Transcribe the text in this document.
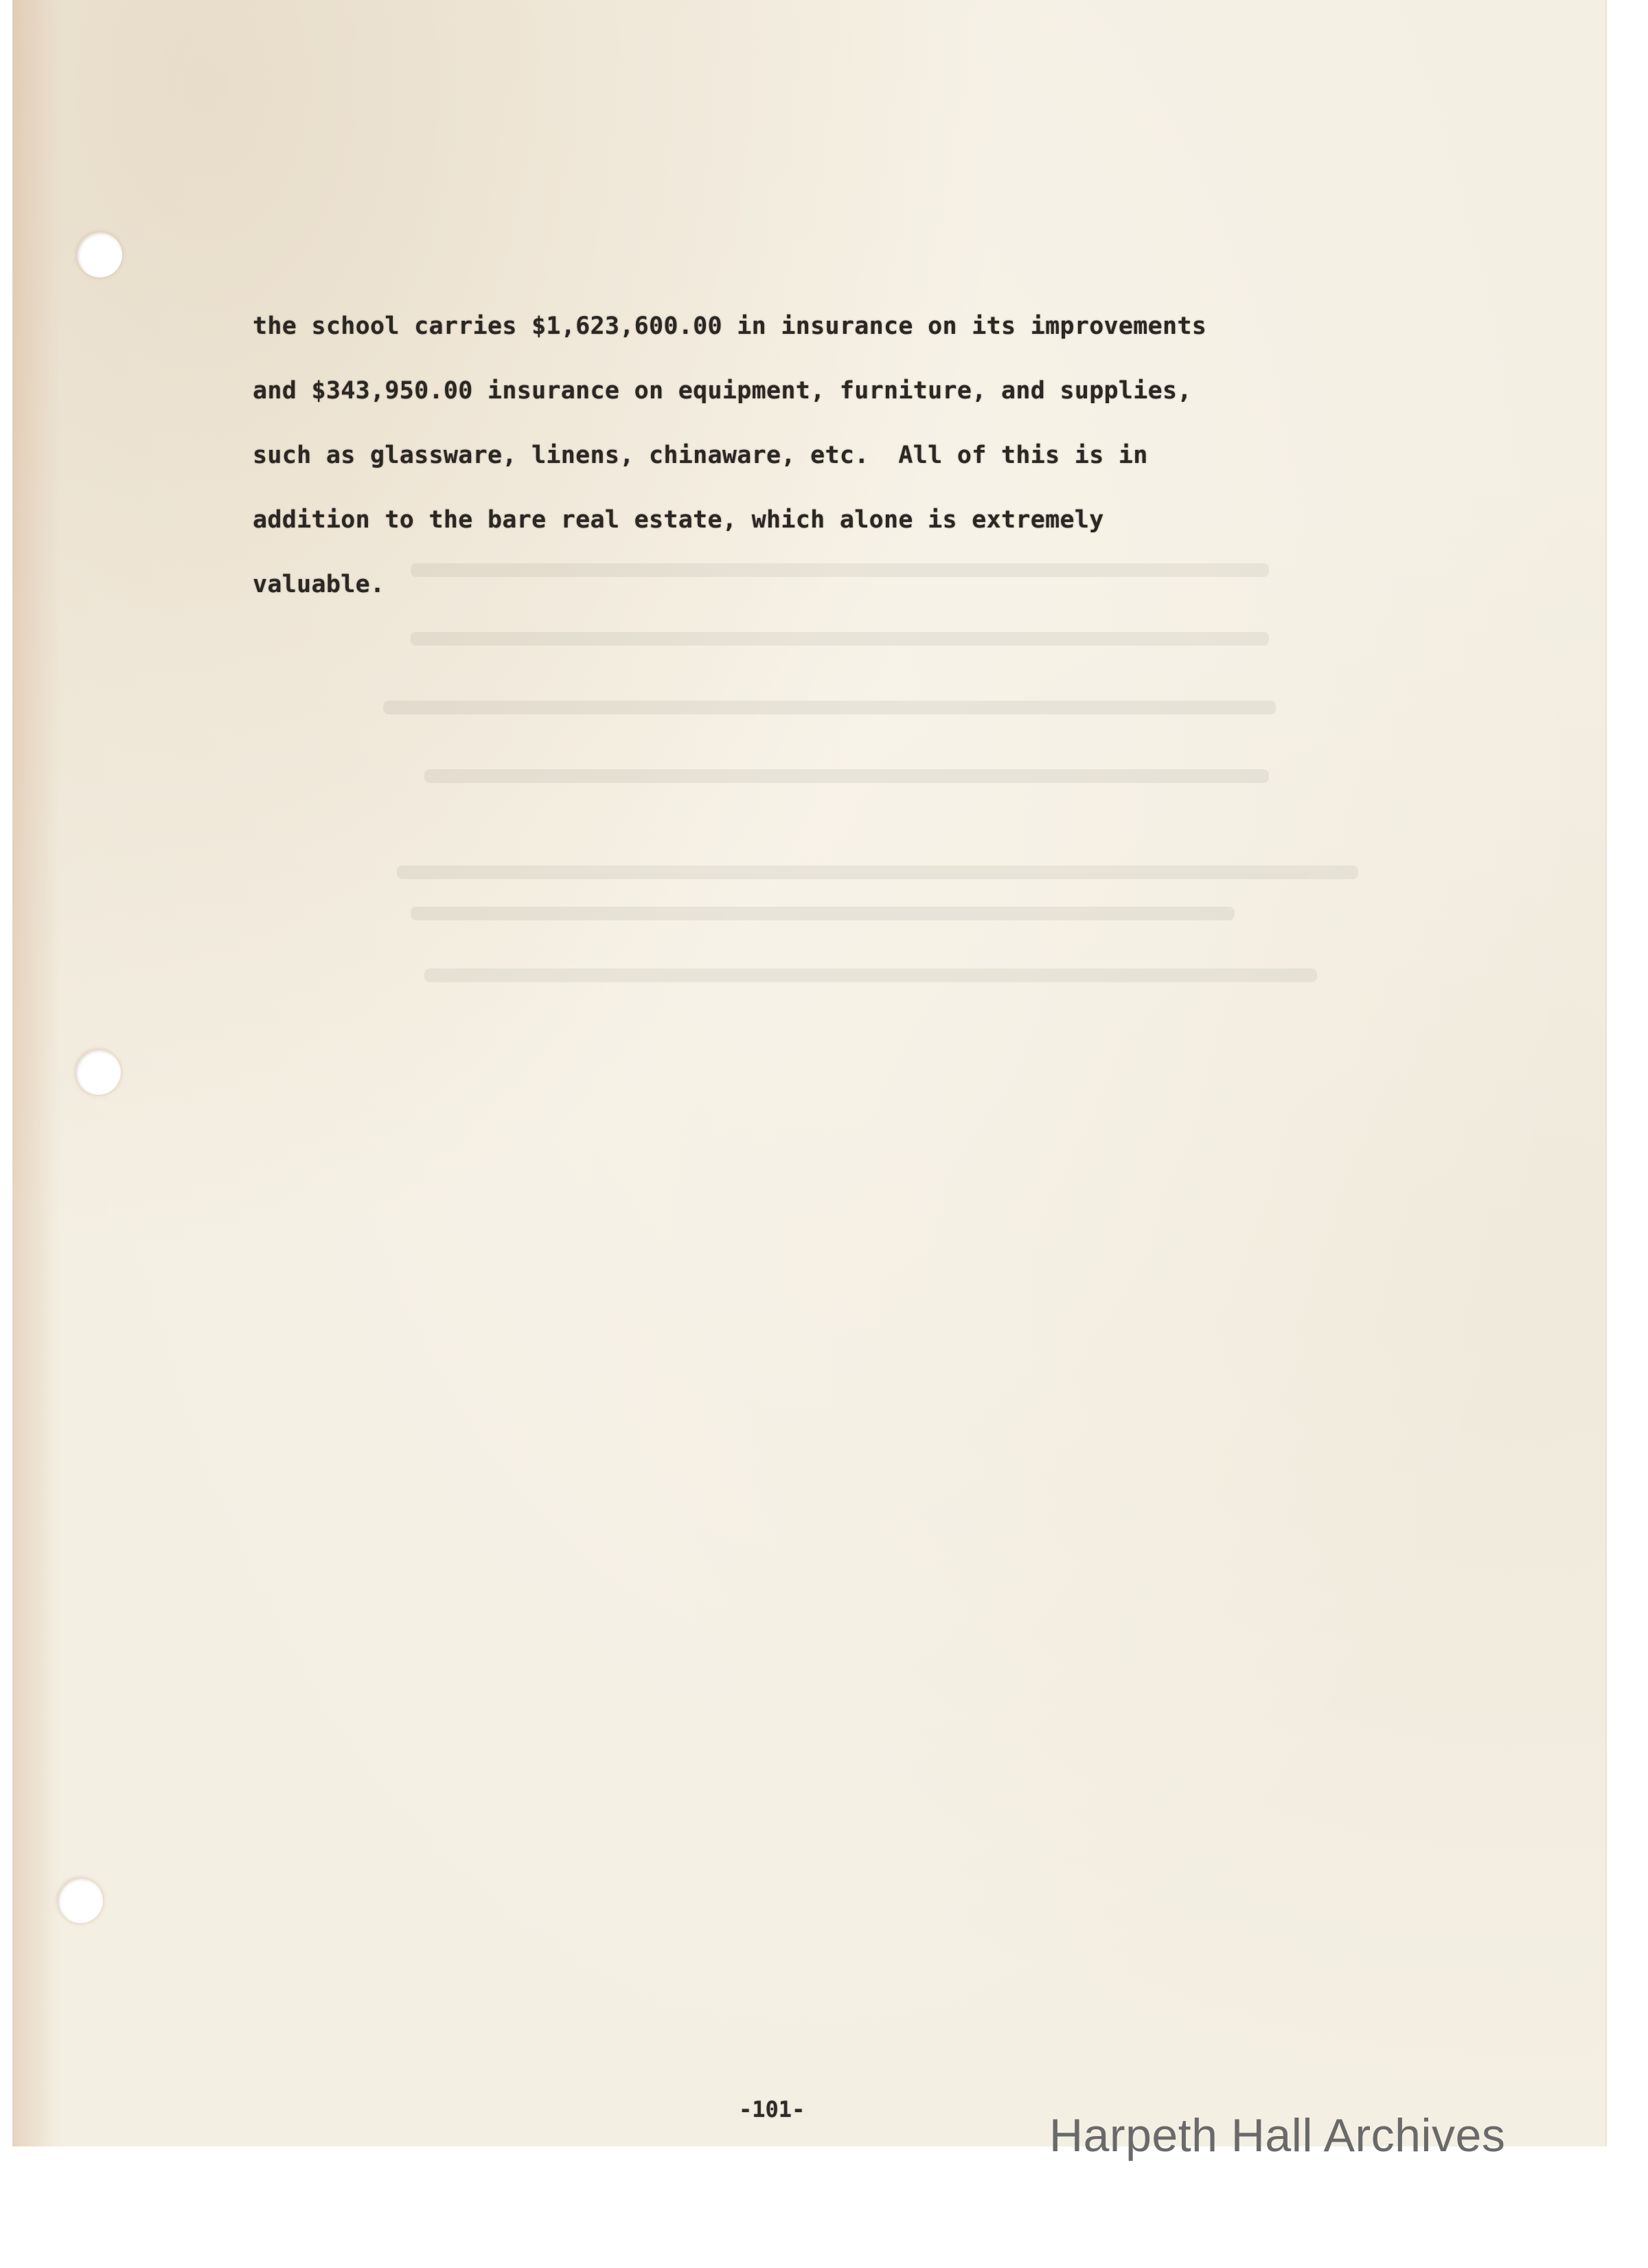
the school carries $1,623,600.00 in insurance on its improvements
and $343,950.00 insurance on equipment, furniture, and supplies,
such as glassware, linens, chinaware, etc.  All of this is in
addition to the bare real estate, which alone is extremely
valuable.
-101-	Harpeth Hall Archives
